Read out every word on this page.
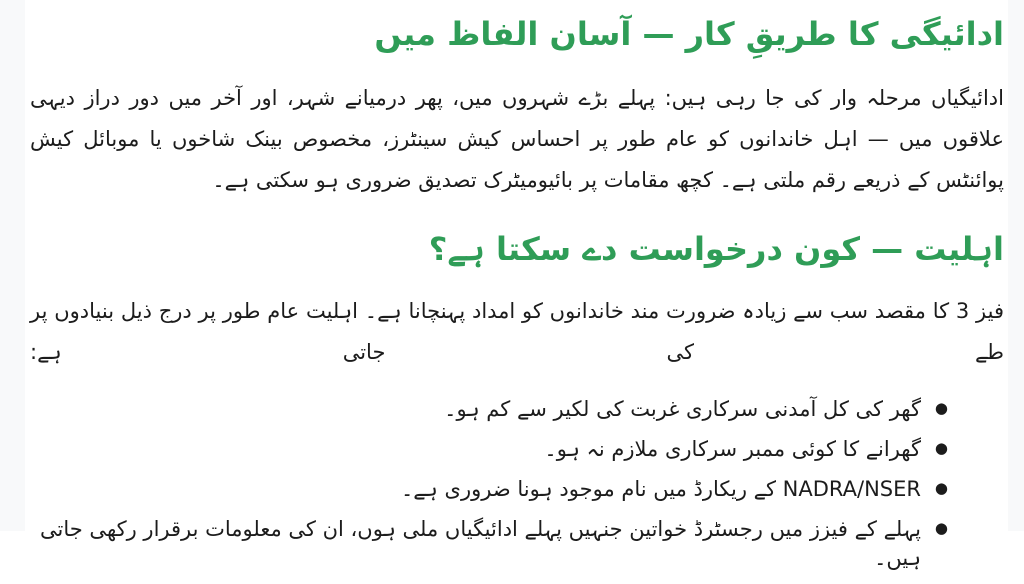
ادائیگی کا طریقِ کار — آسان الفاظ میں

ادائیگیاں مرحلہ وار کی جا رہی ہیں: پہلے بڑے شہروں میں، پھر درمیانے شہر، اور آخر میں دور دراز دیہی علاقوں میں — اہل خاندانوں کو عام طور پر احساس کیش سینٹرز، مخصوص بینک شاخوں یا موبائل کیش پوائنٹس کے ذریعے رقم ملتی ہے۔ کچھ مقامات پر بائیومیٹرک تصدیق ضروری ہو سکتی ہے۔

اہلیت — کون درخواست دے سکتا ہے؟

فیز 3 کا مقصد سب سے زیادہ ضرورت مند خاندانوں کو امداد پہنچانا ہے۔ اہلیت عام طور پر درج ذیل بنیادوں پر طے کی جاتی ہے:

●
گھر کی کل آمدنی سرکاری غربت کی لکیر سے کم ہو۔
●
گھرانے کا کوئی ممبر سرکاری ملازم نہ ہو۔
●
NADRA/NSER کے ریکارڈ میں نام موجود ہونا ضروری ہے۔
●
پہلے کے فیزز میں رجسٹرڈ خواتین جنہیں پہلے ادائیگیاں ملی ہوں، ان کی معلومات برقرار رکھی جاتی ہیں۔
